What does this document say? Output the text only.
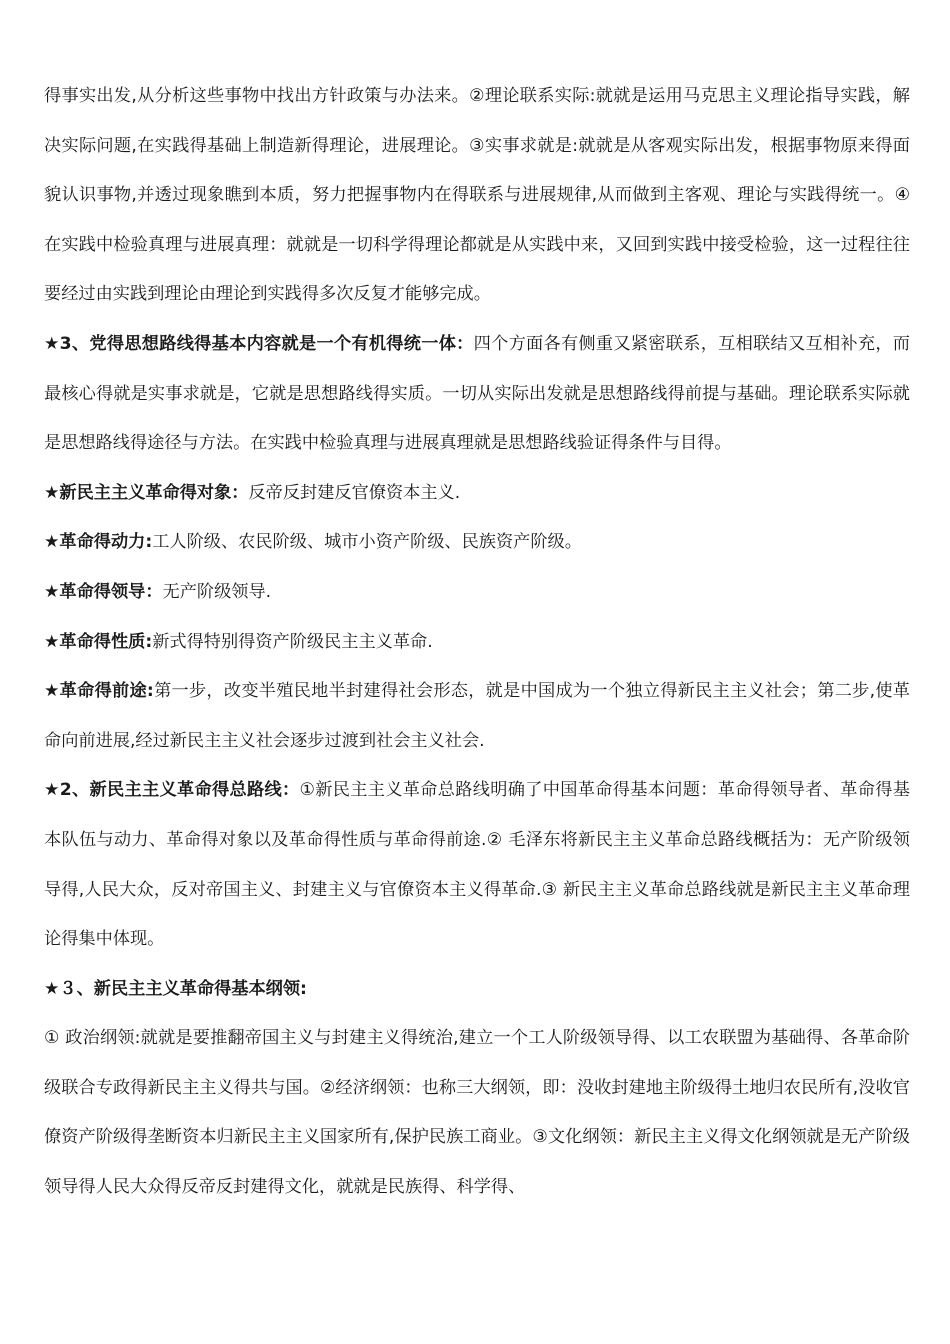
得事实出发,从分析这些事物中找出方针政策与办法来。②理论联系实际:就就是运用马克思主义理论指导实践，解决实际问题,在实践得基础上制造新得理论，进展理论。③实事求就是:就就是从客观实际出发，根据事物原来得面貌认识事物,并透过现象瞧到本质，努力把握事物内在得联系与进展规律,从而做到主客观、理论与实践得统一。④在实践中检验真理与进展真理：就就是一切科学得理论都就是从实践中来，又回到实践中接受检验，这一过程往往要经过由实践到理论由理论到实践得多次反复才能够完成。

★3、党得思想路线得基本内容就是一个有机得统一体：四个方面各有侧重又紧密联系，互相联结又互相补充，而最核心得就是实事求就是，它就是思想路线得实质。一切从实际出发就是思想路线得前提与基础。理论联系实际就是思想路线得途径与方法。在实践中检验真理与进展真理就是思想路线验证得条件与目得。

★新民主主义革命得对象：反帝反封建反官僚资本主义.

★革命得动力:工人阶级、农民阶级、城市小资产阶级、民族资产阶级。

★革命得领导：无产阶级领导.

★革命得性质:新式得特别得资产阶级民主主义革命.

★革命得前途:第一步，改变半殖民地半封建得社会形态，就是中国成为一个独立得新民主主义社会；第二步,使革命向前进展,经过新民主主义社会逐步过渡到社会主义社会.

★2、新民主主义革命得总路线：①新民主主义革命总路线明确了中国革命得基本问题：革命得领导者、革命得基本队伍与动力、革命得对象以及革命得性质与革命得前途.② 毛泽东将新民主主义革命总路线概括为：无产阶级领导得,人民大众，反对帝国主义、封建主义与官僚资本主义得革命.③ 新民主主义革命总路线就是新民主主义革命理论得集中体现。

★３、新民主主义革命得基本纲领:

① 政治纲领:就就是要推翻帝国主义与封建主义得统治,建立一个工人阶级领导得、以工农联盟为基础得、各革命阶级联合专政得新民主主义得共与国。②经济纲领：也称三大纲领，即：没收封建地主阶级得土地归农民所有,没收官僚资产阶级得垄断资本归新民主主义国家所有,保护民族工商业。③文化纲领：新民主主义得文化纲领就是无产阶级领导得人民大众得反帝反封建得文化，就就是民族得、科学得、
